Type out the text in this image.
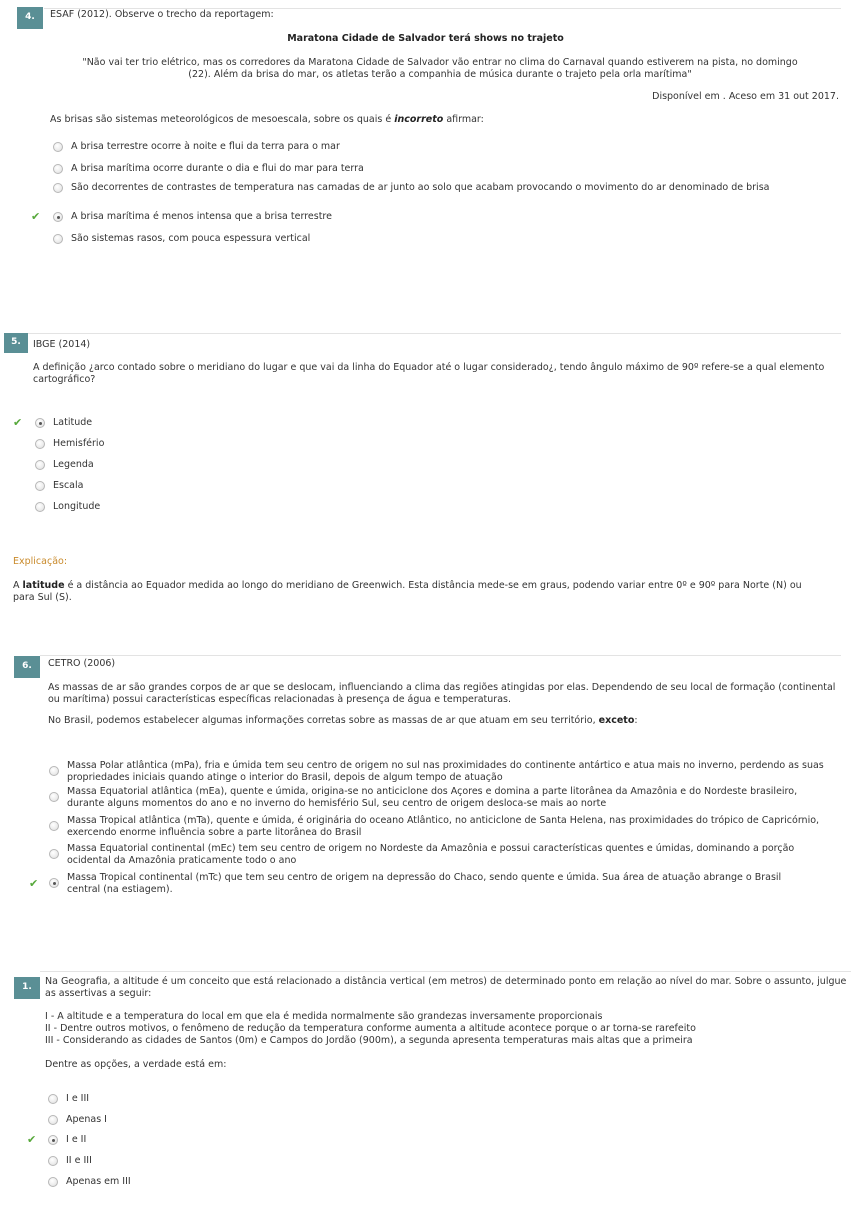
4.	ESAF (2012). Observe o trecho da reportagem:
Maratona Cidade de Salvador terá shows no trajeto
"Não vai ter trio elétrico, mas os corredores da Maratona Cidade de Salvador vão entrar no clima do Carnaval quando estiverem na pista, no domingo
(22). Além da brisa do mar, os atletas terão a companhia de música durante o trajeto pela orla marítima"
Disponível em . Aceso em 31 out 2017.
As brisas são sistemas meteorológicos de mesoescala, sobre os quais é incorreto afirmar:
A brisa terrestre ocorre à noite e flui da terra para o mar
A brisa marítima ocorre durante o dia e flui do mar para terra
São decorrentes de contrastes de temperatura nas camadas de ar junto ao solo que acabam provocando o movimento do ar denominado de brisa
✔	A brisa marítima é menos intensa que a brisa terrestre
São sistemas rasos, com pouca espessura vertical
5.	IBGE (2014)
A definição ¿arco contado sobre o meridiano do lugar e que vai da linha do Equador até o lugar considerado¿, tendo ângulo máximo de 90º refere-se a qual elemento cartográfico?
✔	Latitude
Hemisfério
Legenda
Escala
Longitude
Explicação:
A latitude é a distância ao Equador medida ao longo do meridiano de Greenwich. Esta distância mede-se em graus, podendo variar entre 0º e 90º para Norte (N) ou para Sul (S).
6.	CETRO (2006)
As massas de ar são grandes corpos de ar que se deslocam, influenciando a clima das regiões atingidas por elas. Dependendo de seu local de formação (continental ou marítima) possui características específicas relacionadas à presença de água e temperaturas.
No Brasil, podemos estabelecer algumas informações corretas sobre as massas de ar que atuam em seu território, exceto:
Massa Polar atlântica (mPa), fria e úmida tem seu centro de origem no sul nas proximidades do continente antártico e atua mais no inverno, perdendo as suas propriedades iniciais quando atinge o interior do Brasil, depois de algum tempo de atuação
Massa Equatorial atlântica (mEa), quente e úmida, origina-se no anticiclone dos Açores e domina a parte litorânea da Amazônia e do Nordeste brasileiro, durante alguns momentos do ano e no inverno do hemisfério Sul, seu centro de origem desloca-se mais ao norte
Massa Tropical atlântica (mTa), quente e úmida, é originária do oceano Atlântico, no anticiclone de Santa Helena, nas proximidades do trópico de Capricórnio, exercendo enorme influência sobre a parte litorânea do Brasil
Massa Equatorial continental (mEc) tem seu centro de origem no Nordeste da Amazônia e possui características quentes e úmidas, dominando a porção ocidental da Amazônia praticamente todo o ano
✔	Massa Tropical continental (mTc) que tem seu centro de origem na depressão do Chaco, sendo quente e úmida. Sua área de atuação abrange o Brasil central (na estiagem).
1.
Na Geografia, a altitude é um conceito que está relacionado a distância vertical (em metros) de determinado ponto em relação ao nível do mar. Sobre o assunto, julgue as assertivas a seguir:
I - A altitude e a temperatura do local em que ela é medida normalmente são grandezas inversamente proporcionais
II - Dentre outros motivos, o fenômeno de redução da temperatura conforme aumenta a altitude acontece porque o ar torna-se rarefeito
III - Considerando as cidades de Santos (0m) e Campos do Jordão (900m), a segunda apresenta temperaturas mais altas que a primeira
Dentre as opções, a verdade está em:
I e III
Apenas I
✔	I e II
II e III
Apenas em III
